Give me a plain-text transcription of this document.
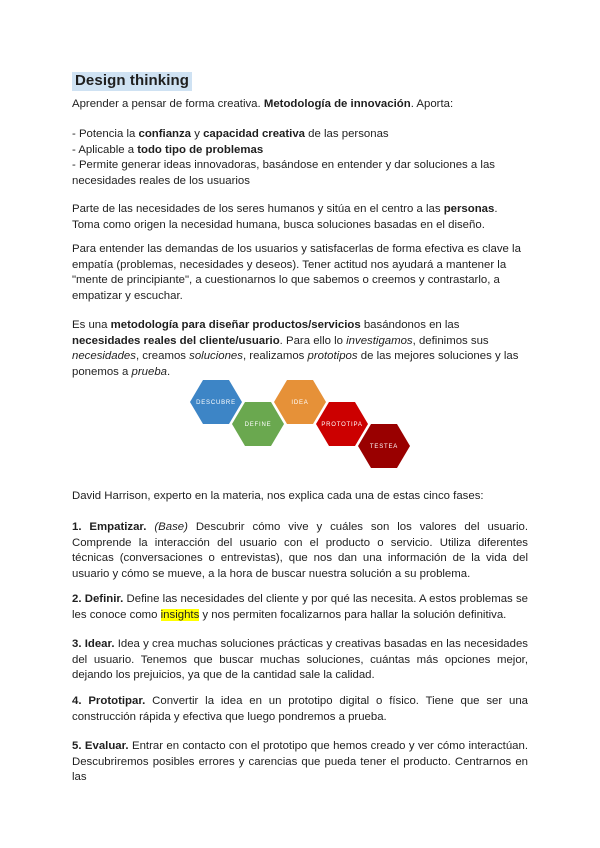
Design thinking

Aprender a pensar de forma creativa. Metodología de innovación. Aporta:

- Potencia la confianza y capacidad creativa de las personas
- Aplicable a todo tipo de problemas
- Permite generar ideas innovadoras, basándose en entender y dar soluciones a las necesidades reales de los usuarios

Parte de las necesidades de los seres humanos y sitúa en el centro a las personas. Toma como origen la necesidad humana, busca soluciones basadas en el diseño.

Para entender las demandas de los usuarios y satisfacerlas de forma efectiva es clave la empatía (problemas, necesidades y deseos). Tener actitud nos ayudará a mantener la "mente de principiante", a cuestionarnos lo que sabemos o creemos y contrastarlo, a empatizar y escuchar.

Es una metodología para diseñar productos/servicios basándonos en las necesidades reales del cliente/usuario. Para ello lo investigamos, definimos sus necesidades, creamos soluciones, realizamos prototipos de las mejores soluciones y las ponemos a prueba.

DESCUBRE
DEFINE
IDEA
PROTOTIPA
TESTEA

David Harrison, experto en la materia, nos explica cada una de estas cinco fases:

1. Empatizar. (Base) Descubrir cómo vive y cuáles son los valores del usuario. Comprende la interacción del usuario con el producto o servicio. Utiliza diferentes técnicas (conversaciones o entrevistas), que nos dan una información de la vida del usuario y cómo se mueve, a la hora de buscar nuestra solución a su problema.

2. Definir. Define las necesidades del cliente y por qué las necesita. A estos problemas se les conoce como insights y nos permiten focalizarnos para hallar la solución definitiva.

3. Idear. Idea y crea muchas soluciones prácticas y creativas basadas en las necesidades del usuario. Tenemos que buscar muchas soluciones, cuántas más opciones mejor, dejando los prejuicios, ya que de la cantidad sale la calidad.

4. Prototipar. Convertir la idea en un prototipo digital o físico. Tiene que ser una construcción rápida y efectiva que luego pondremos a prueba.

5. Evaluar. Entrar en contacto con el prototipo que hemos creado y ver cómo interactúan. Descubriremos posibles errores y carencias que pueda tener el producto. Centrarnos en las
